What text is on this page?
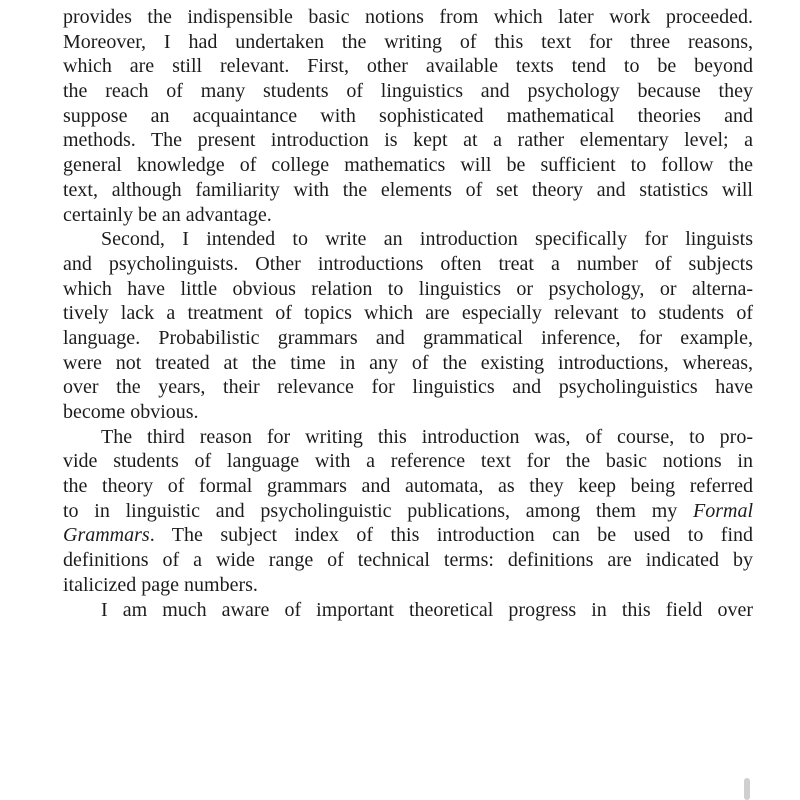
provides the indispensible basic notions from which later work proceeded.
Moreover, I had undertaken the writing of this text for three reasons,
which are still relevant. First, other available texts tend to be beyond
the reach of many students of linguistics and psychology because they
suppose an acquaintance with sophisticated mathematical theories and
methods. The present introduction is kept at a rather elementary level; a
general knowledge of college mathematics will be sufficient to follow the
text, although familiarity with the elements of set theory and statistics will
certainly be an advantage.
Second, I intended to write an introduction specifically for linguists
and psycholinguists. Other introductions often treat a number of subjects
which have little obvious relation to linguistics or psychology, or alterna-
tively lack a treatment of topics which are especially relevant to students of
language. Probabilistic grammars and grammatical inference, for example,
were not treated at the time in any of the existing introductions, whereas,
over the years, their relevance for linguistics and psycholinguistics have
become obvious.
The third reason for writing this introduction was, of course, to pro-
vide students of language with a reference text for the basic notions in
the theory of formal grammars and automata, as they keep being referred
to in linguistic and psycholinguistic publications, among them my Formal
Grammars. The subject index of this introduction can be used to find
definitions of a wide range of technical terms: definitions are indicated by
italicized page numbers.
I am much aware of important theoretical progress in this field over
